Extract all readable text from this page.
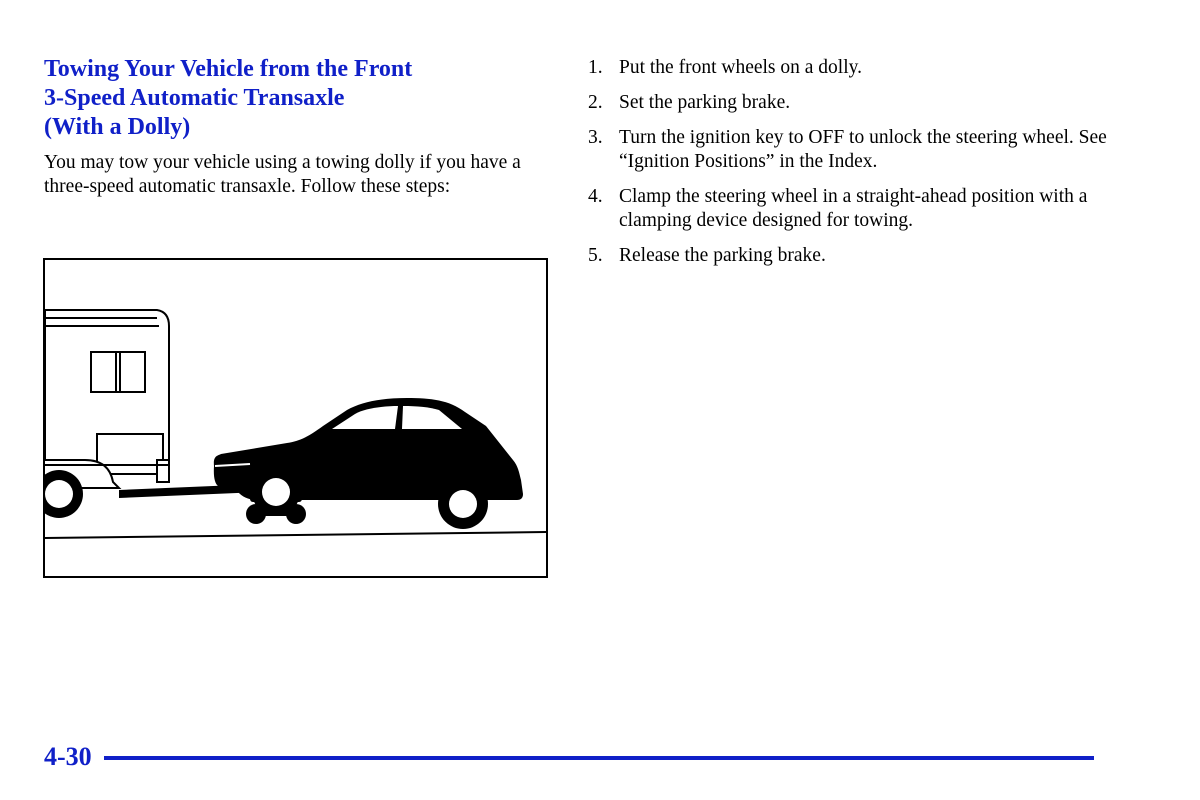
Towing Your Vehicle from the Front
3-Speed Automatic Transaxle
(With a Dolly)
You may tow your vehicle using a towing dolly if you have a three-speed automatic transaxle. Follow these steps:
1. Put the front wheels on a dolly.
2. Set the parking brake.
3. Turn the ignition key to OFF to unlock the steering wheel. See “Ignition Positions” in the Index.
4. Clamp the steering wheel in a straight-ahead position with a clamping device designed for towing.
5. Release the parking brake.
4-30
